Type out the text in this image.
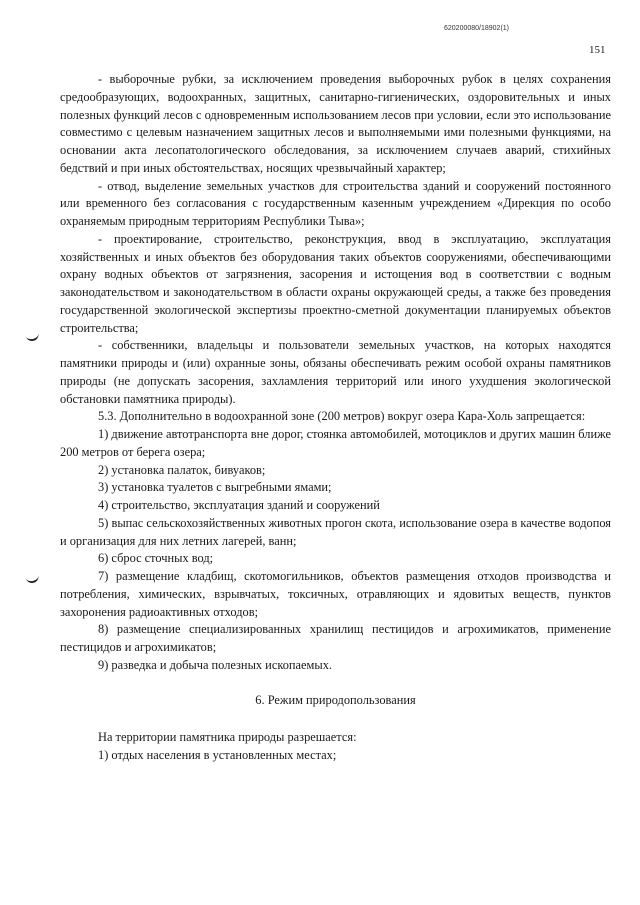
620200080/18902(1)
151

- выборочные рубки, за исключением проведения выборочных рубок в целях сохранения средообразующих, водоохранных, защитных, санитарно-гигиенических, оздоровительных и иных полезных функций лесов с одновременным использованием лесов при условии, если это использование совместимо с целевым назначением защитных лесов и выполняемыми ими полезными функциями, на основании акта лесопатологического обследования, за исключением случаев аварий, стихийных бедствий и при иных обстоятельствах, носящих чрезвычайный характер;

- отвод, выделение земельных участков для строительства зданий и сооружений постоянного или временного без согласования с государственным казенным учреждением «Дирекция по особо охраняемым природным территориям Республики Тыва»;

- проектирование, строительство, реконструкция, ввод в эксплуатацию, эксплуатация хозяйственных и иных объектов без оборудования таких объектов сооружениями, обеспечивающими охрану водных объектов от загрязнения, засорения и истощения вод в соответствии с водным законодательством и законодательством в области охраны окружающей среды, а также без проведения государственной экологической экспертизы проектно-сметной документации планируемых объектов строительства;

- собственники, владельцы и пользователи земельных участков, на которых находятся памятники природы и (или) охранные зоны, обязаны обеспечивать режим особой охраны памятников природы (не допускать засорения, захламления территорий или иного ухудшения экологической обстановки памятника природы).

5.3. Дополнительно в водоохранной зоне (200 метров) вокруг озера Кара-Холь запрещается:

1) движение автотранспорта вне дорог, стоянка автомобилей, мотоциклов и других машин ближе 200 метров от берега озера;

2) установка палаток, бивуаков;

3) установка туалетов с выгребными ямами;

4) строительство, эксплуатация зданий и сооружений

5) выпас сельскохозяйственных животных прогон скота, использование озера в качестве водопоя и организация для них летних лагерей, ванн;

6) сброс сточных вод;

7) размещение кладбищ, скотомогильников, объектов размещения отходов производства и потребления, химических, взрывчатых, токсичных, отравляющих и ядовитых веществ, пунктов захоронения радиоактивных отходов;

8) размещение специализированных хранилищ пестицидов и агрохимикатов, применение пестицидов и агрохимикатов;

9) разведка и добыча полезных ископаемых.

6. Режим природопользования

На территории памятника природы разрешается:

1) отдых населения в установленных местах;
